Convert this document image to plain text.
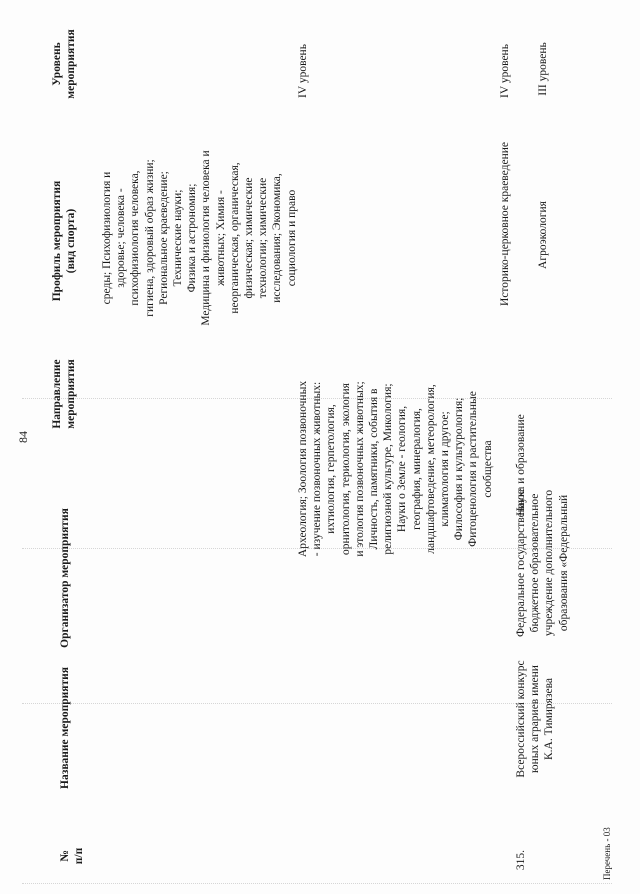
84
№
п/п
Название мероприятия
Организатор мероприятия
Направление
мероприятия
Профиль мероприятия
(вид спорта)
Уровень
мероприятия
среды; Психофизиология и
здоровье; человека -
психофизиология человека,
гигиена, здоровый образ жизни;
Региональное краеведение;
Технические науки;
Физика и астрономия;
Медицина и физиология человека и
животных; Химия -
неорганическая, органическая,
физическая; химические
технологии; химические
исследования; Экономика,
социология и право
Археология; Зоология позвоночных
- изучение позвоночных животных:
ихтиология, герпетология,
орнитология, териология, экология
и этология позвоночных животных;
Личность, памятники, события в
религиозной культуре, Микология;
Науки о Земле - геология,
география, минералогия,
ландшафтоведение, метеорология,
климатология и другое;
Философия и культурология;
Фитоценология и растительные
сообщества
IV уровень
Историко-церковное краеведение
IV уровень
315.
Всероссийский конкурс
юных аграриев имени
К.А. Тимирязева
Федеральное государственное
бюджетное образовательное
учреждение дополнительного
образования «Федеральный
Наука и образование
Агроэкология
III уровень
Перечень - 03
